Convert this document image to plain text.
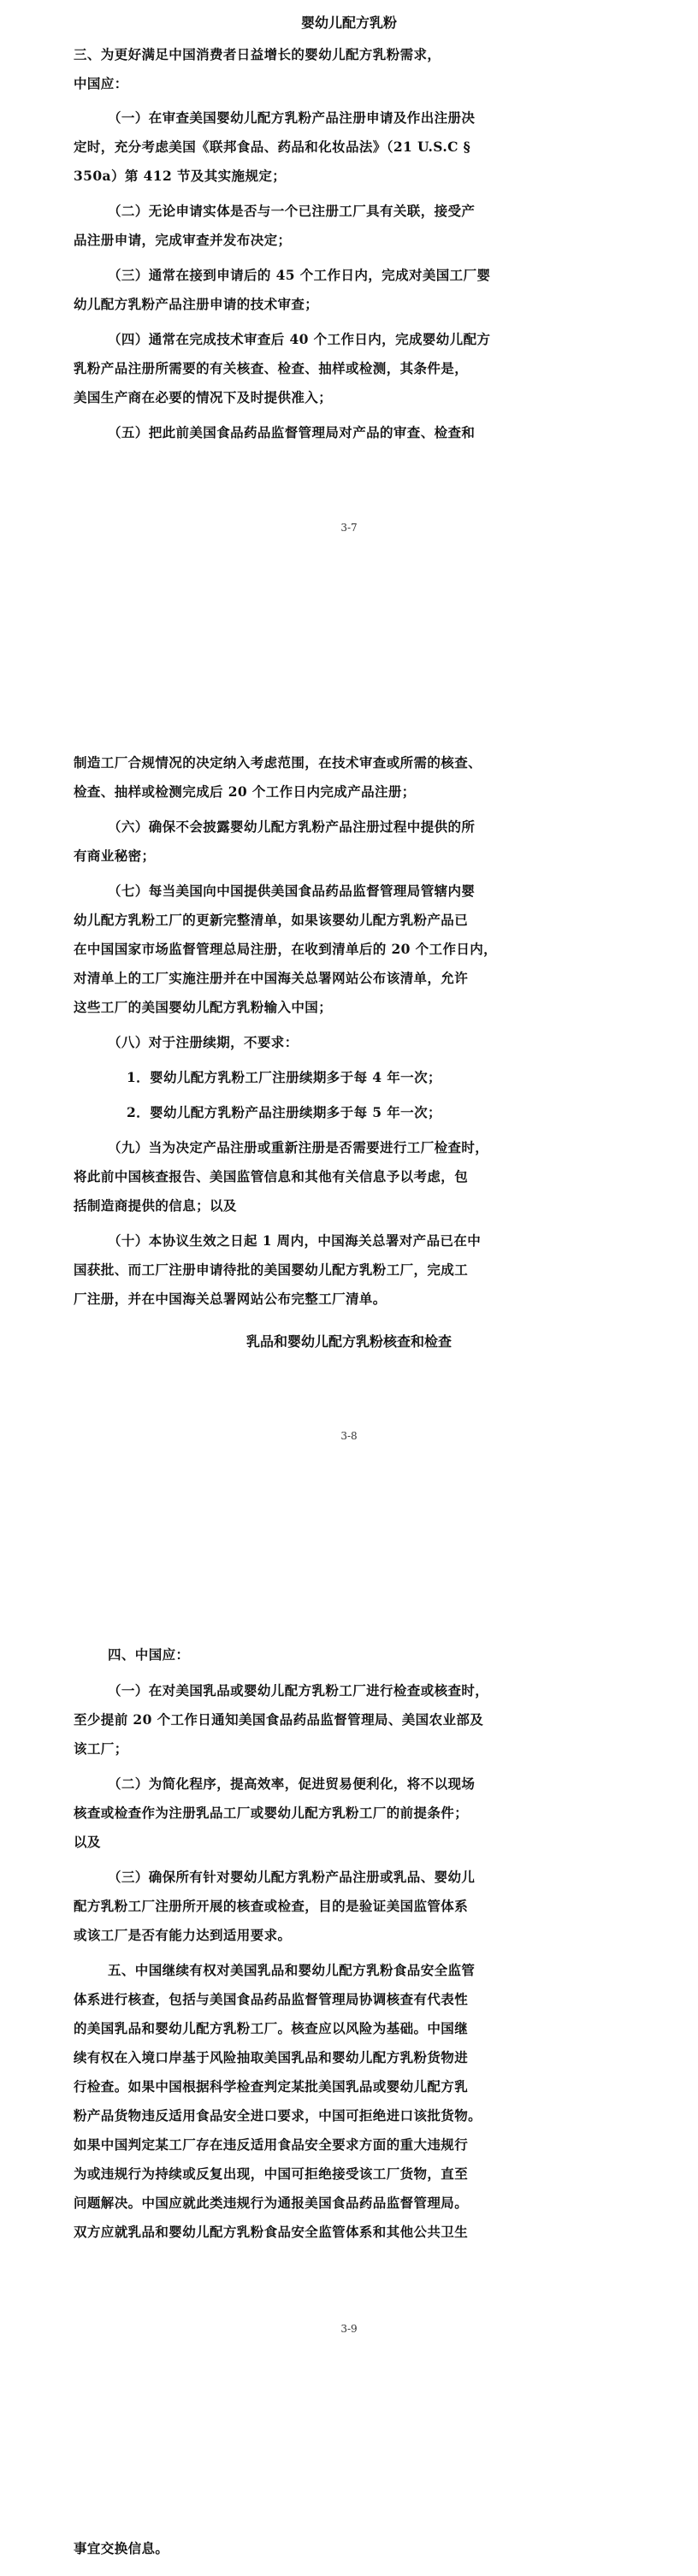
婴幼儿配方乳粉
三、为更好满足中国消费者日益增长的婴幼儿配方乳粉需求，
中国应：
（一）在审查美国婴幼儿配方乳粉产品注册申请及作出注册决
定时，充分考虑美国《联邦食品、药品和化妆品法》（21 U.S.C §
350a）第 412 节及其实施规定；
（二）无论申请实体是否与一个已注册工厂具有关联，接受产
品注册申请，完成审查并发布决定；
（三）通常在接到申请后的 45 个工作日内，完成对美国工厂婴
幼儿配方乳粉产品注册申请的技术审查；
（四）通常在完成技术审查后 40 个工作日内，完成婴幼儿配方
乳粉产品注册所需要的有关核查、检查、抽样或检测，其条件是，
美国生产商在必要的情况下及时提供准入；
（五）把此前美国食品药品监督管理局对产品的审查、检查和
3-7
制造工厂合规情况的决定纳入考虑范围，在技术审查或所需的核查、
检查、抽样或检测完成后 20 个工作日内完成产品注册；
（六）确保不会披露婴幼儿配方乳粉产品注册过程中提供的所
有商业秘密；
（七）每当美国向中国提供美国食品药品监督管理局管辖内婴
幼儿配方乳粉工厂的更新完整清单，如果该婴幼儿配方乳粉产品已
在中国国家市场监督管理总局注册，在收到清单后的 20 个工作日内，
对清单上的工厂实施注册并在中国海关总署网站公布该清单，允许
这些工厂的美国婴幼儿配方乳粉输入中国；
（八）对于注册续期，不要求：
1．婴幼儿配方乳粉工厂注册续期多于每 4 年一次；
2．婴幼儿配方乳粉产品注册续期多于每 5 年一次；
（九）当为决定产品注册或重新注册是否需要进行工厂检查时，
将此前中国核查报告、美国监管信息和其他有关信息予以考虑，包
括制造商提供的信息；以及
（十）本协议生效之日起 1 周内，中国海关总署对产品已在中
国获批、而工厂注册申请待批的美国婴幼儿配方乳粉工厂，完成工
厂注册，并在中国海关总署网站公布完整工厂清单。
乳品和婴幼儿配方乳粉核查和检查
3-8
四、中国应：
（一）在对美国乳品或婴幼儿配方乳粉工厂进行检查或核查时，
至少提前 20 个工作日通知美国食品药品监督管理局、美国农业部及
该工厂；
（二）为简化程序，提高效率，促进贸易便利化，将不以现场
核查或检查作为注册乳品工厂或婴幼儿配方乳粉工厂的前提条件；
以及
（三）确保所有针对婴幼儿配方乳粉产品注册或乳品、婴幼儿
配方乳粉工厂注册所开展的核查或检查，目的是验证美国监管体系
或该工厂是否有能力达到适用要求。
五、中国继续有权对美国乳品和婴幼儿配方乳粉食品安全监管
体系进行核查，包括与美国食品药品监督管理局协调核查有代表性
的美国乳品和婴幼儿配方乳粉工厂。核查应以风险为基础。中国继
续有权在入境口岸基于风险抽取美国乳品和婴幼儿配方乳粉货物进
行检查。如果中国根据科学检查判定某批美国乳品或婴幼儿配方乳
粉产品货物违反适用食品安全进口要求，中国可拒绝进口该批货物。
如果中国判定某工厂存在违反适用食品安全要求方面的重大违规行
为或违规行为持续或反复出现，中国可拒绝接受该工厂货物，直至
问题解决。中国应就此类违规行为通报美国食品药品监督管理局。
双方应就乳品和婴幼儿配方乳粉食品安全监管体系和其他公共卫生
3-9
事宜交换信息。
